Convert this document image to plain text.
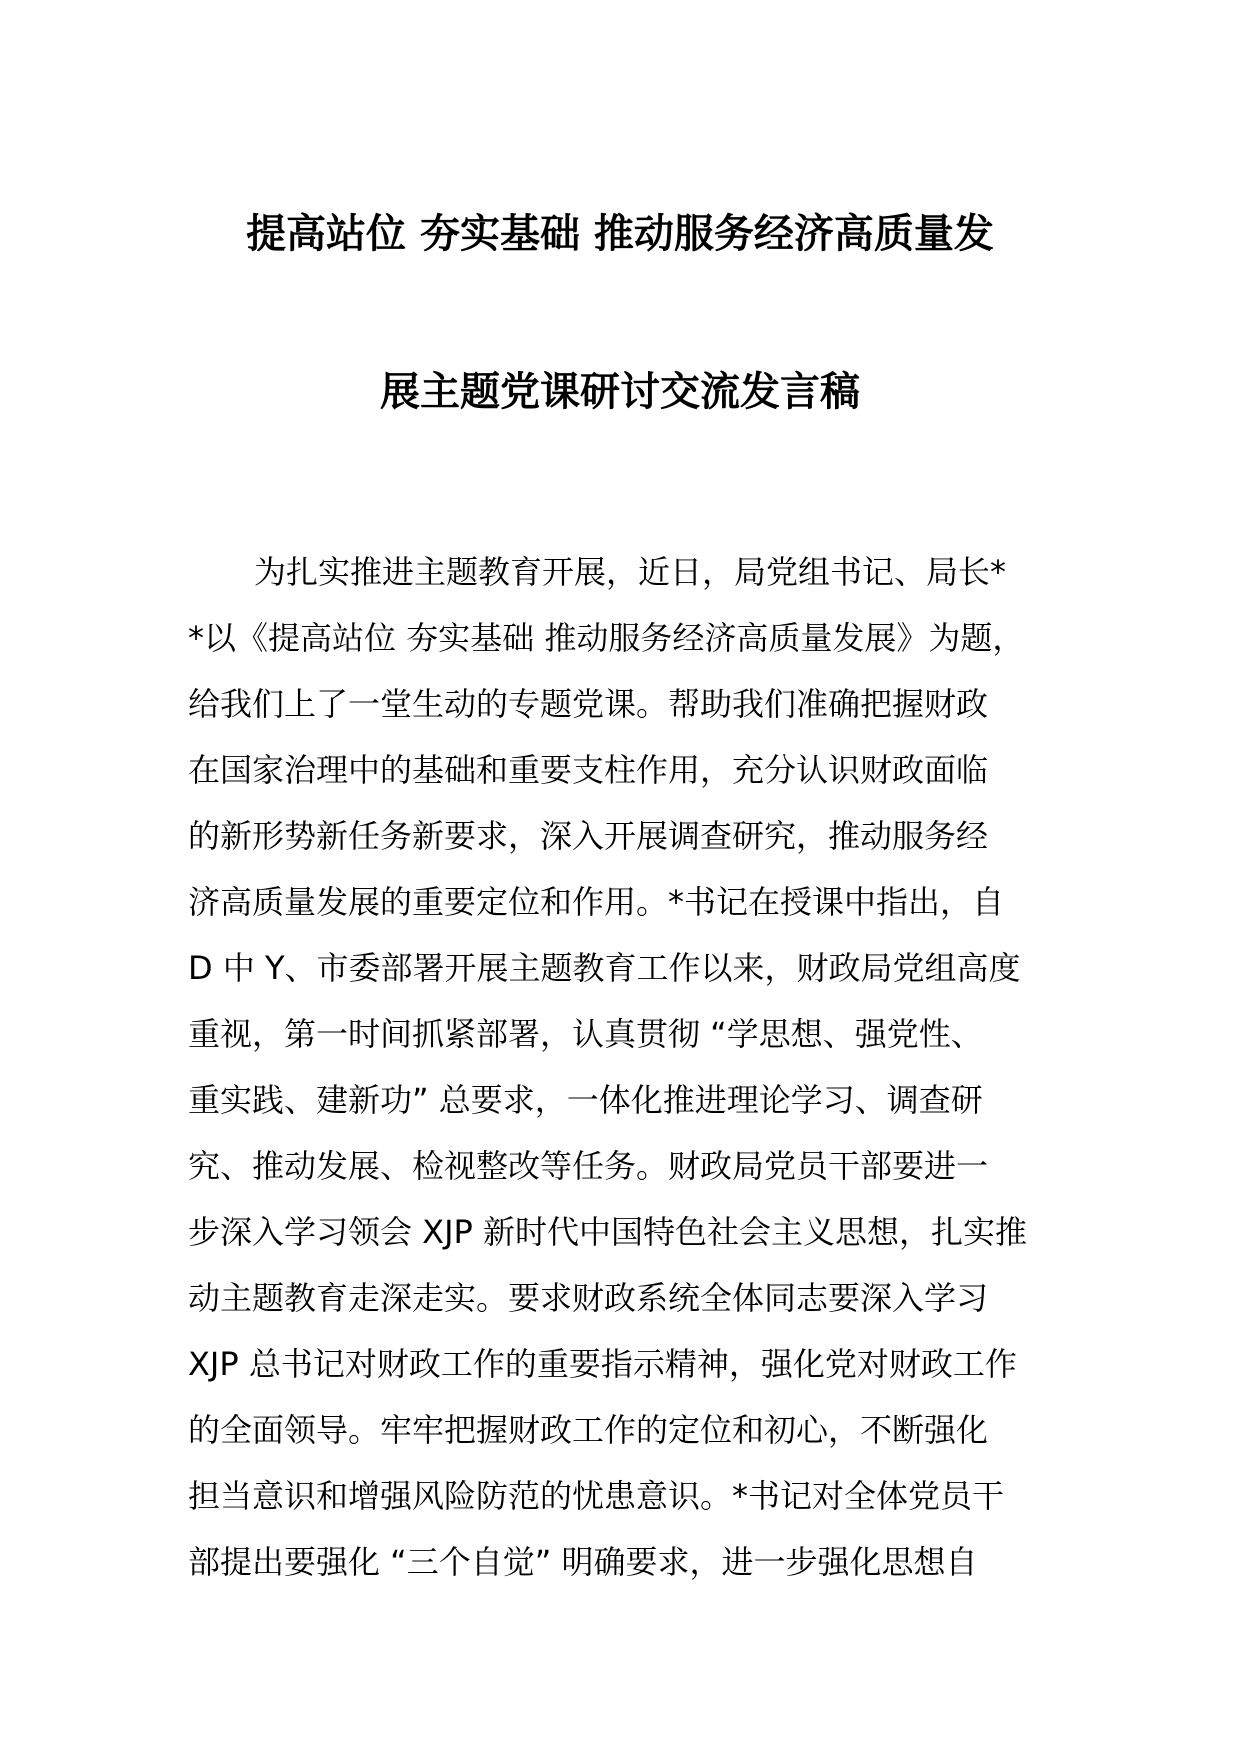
提高站位 夯实基础 推动服务经济高质量发
展主题党课研讨交流发言稿
为扎实推进主题教育开展，近日，局党组书记、局长*
*以《提高站位 夯实基础 推动服务经济高质量发展》为题，
给我们上了一堂生动的专题党课。帮助我们准确把握财政
在国家治理中的基础和重要支柱作用，充分认识财政面临
的新形势新任务新要求，深入开展调查研究，推动服务经
济高质量发展的重要定位和作用。*书记在授课中指出，自
D 中 Y、市委部署开展主题教育工作以来，财政局党组高度
重视，第一时间抓紧部署，认真贯彻 “学思想、强党性、
重实践、建新功” 总要求，一体化推进理论学习、调查研
究、推动发展、检视整改等任务。财政局党员干部要进一
步深入学习领会 XJP 新时代中国特色社会主义思想，扎实推
动主题教育走深走实。要求财政系统全体同志要深入学习
XJP 总书记对财政工作的重要指示精神，强化党对财政工作
的全面领导。牢牢把握财政工作的定位和初心，不断强化
担当意识和增强风险防范的忧患意识。*书记对全体党员干
部提出要强化 “三个自觉” 明确要求，进一步强化思想自
